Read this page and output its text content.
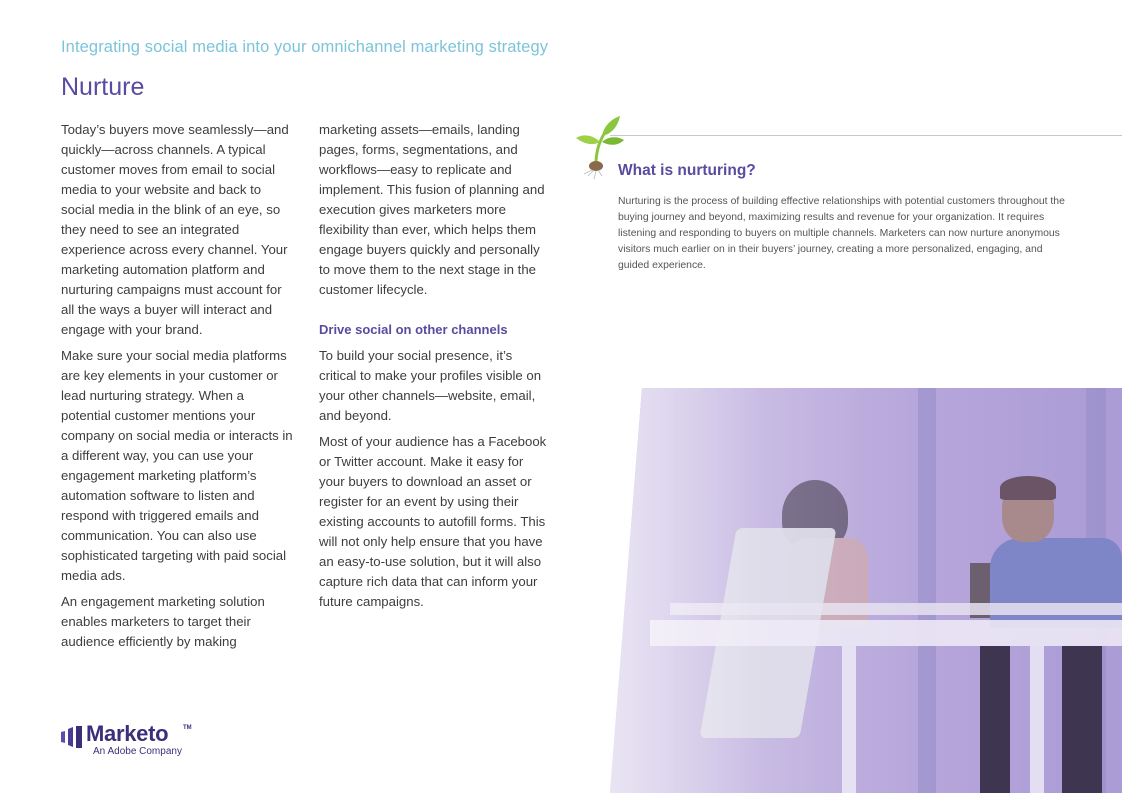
Integrating social media into your omnichannel marketing strategy
Nurture

Today’s buyers move seamlessly—and quickly—across channels. A typical customer moves from email to social media to your website and back to social media in the blink of an eye, so they need to see an integrated experience across every channel. Your marketing automation platform and nurturing campaigns must account for all the ways a buyer will interact and engage with your brand.

Make sure your social media platforms are key elements in your customer or lead nurturing strategy. When a potential customer mentions your company on social media or interacts in a different way, you can use your engagement marketing platform’s automation software to listen and respond with triggered emails and communication. You can also use sophisticated targeting with paid social media ads.

An engagement marketing solution enables marketers to target their audience efficiently by making

marketing assets—emails, landing pages, forms, segmentations, and workflows—easy to replicate and implement. This fusion of planning and execution gives marketers more flexibility than ever, which helps them engage buyers quickly and personally to move them to the next stage in the customer lifecycle.

Drive social on other channels

To build your social presence, it’s critical to make your profiles visible on your other channels—website, email, and beyond.

Most of your audience has a Facebook or Twitter account. Make it easy for your buyers to download an asset or register for an event by using their existing accounts to autofill forms. This will not only help ensure that you have an easy-to-use solution, but it will also capture rich data that can inform your future campaigns.

What is nurturing?

Nurturing is the process of building effective relationships with potential customers throughout the buying journey and beyond, maximizing results and revenue for your organization. It requires listening and responding to buyers on multiple channels. Marketers can now nurture anonymous visitors much earlier on in their buyers’ journey, creating a more personalized, engaging, and guided experience.

Marketo TM
An Adobe Company
